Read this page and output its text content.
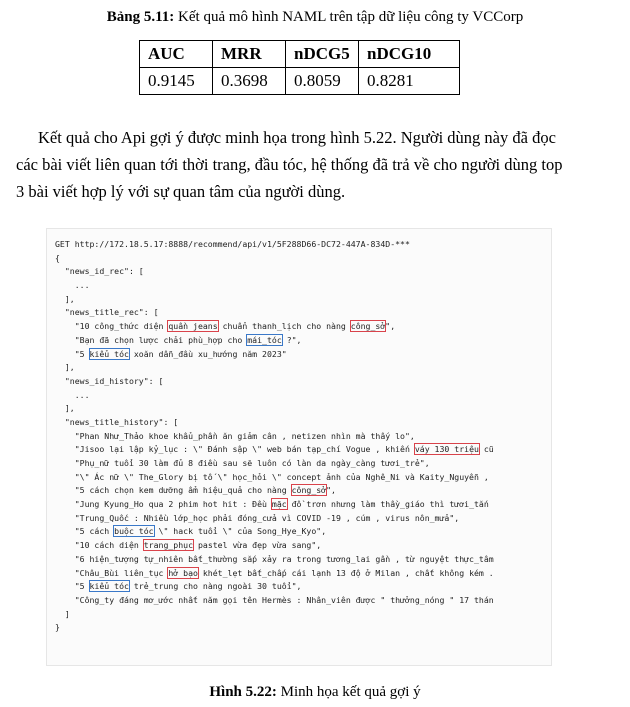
Bảng 5.11: Kết quả mô hình NAML trên tập dữ liệu công ty VCCorp
AUC	MRR	nDCG5	nDCG10
0.9145	0.3698	0.8059	0.8281
Kết quả cho Api gợi ý được minh họa trong hình 5.22. Người dùng này đã đọc
các bài viết liên quan tới thời trang, đầu tóc, hệ thống đã trả về cho người dùng top
3 bài viết hợp lý với sự quan tâm của người dùng.
GET http://172.18.5.17:8888/recommend/api/v1/5F288D66-DC72-447A-834D-***
{
"news_id_rec": [
...
],
"news_title_rec": [
"10 công_thức diện quần jeans chuẩn thanh_lịch cho nàng công_sở",
"Bạn đã chọn lược chải phù_hợp cho mái_tóc ?",
"5 kiểu tóc xoăn dẫn_đầu xu_hướng năm 2023"
],
"news_id_history": [
...
],
"news_title_history": [
"Phan Như_Thảo khoe khẩu_phần ăn giảm cân , netizen nhìn mà thấy lo",
"Jisoo lại lập kỷ_lục : \" Đánh sập \" web bán tạp_chí Vogue , khiến váy 130 triệu cũ
"Phụ_nữ tuổi 30 làm đủ 8 điều sau sẽ luôn có làn da ngày_càng tươi_trẻ",
"\" Ác nữ \" The_Glory bị tố \" học_hỏi \" concept ảnh của Nghê_Ni và Kaity_Nguyễn ,
"5 cách chọn kem dưỡng ẩm hiệu_quả cho nàng công_sở",
"Jung Kyung_Ho qua 2 phim hot hit : Đều mặc đồ trơn nhưng làm thầy_giáo thì tươi_tắn
"Trung_Quốc : Nhiều lớp_học phải đóng_cửa vì COVID -19 , cúm , virus nôn_mửa",
"5 cách buộc tóc \" hack tuổi \" của Song_Hye_Kyo",
"10 cách diện trang_phục pastel vừa đẹp vừa sang",
"6 hiện_tượng tự_nhiên bất_thường sắp xảy ra trong tương_lai gần , từ nguyệt thực_tâm
"Châu_Bùi liên_tục hở bạo khét_lẹt bất_chấp cái lạnh 13 độ ở Milan , chất không kém .
"5 kiểu tóc trẻ_trung cho nàng ngoài 30 tuổi",
"Công_ty đáng mơ_ước nhất năm gọi tên Hermès : Nhân_viên được " thưởng_nóng " 17 thán
]
}
Hình 5.22: Minh họa kết quả gợi ý
